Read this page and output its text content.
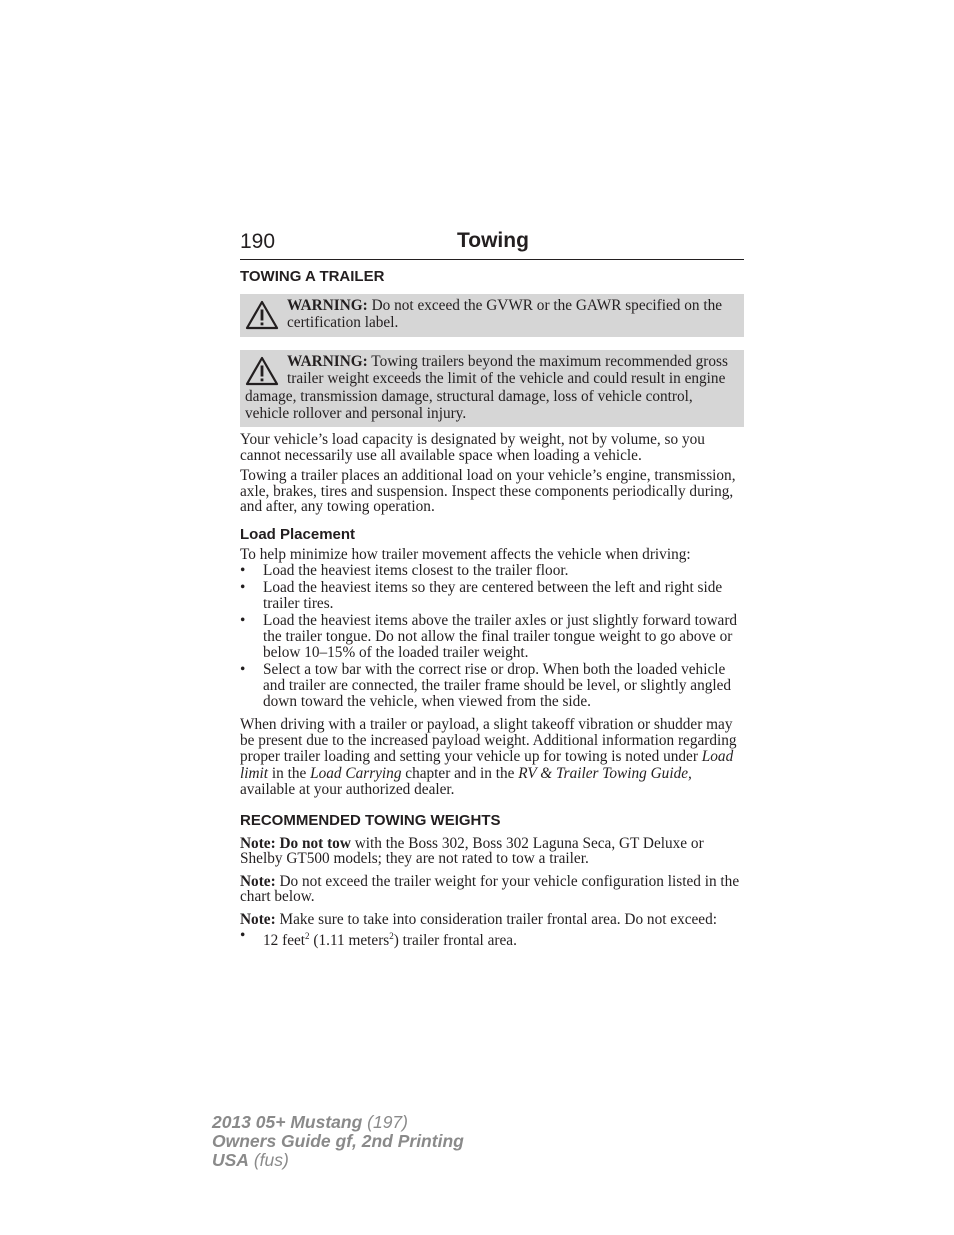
190	Towing
TOWING A TRAILER
WARNING: Do not exceed the GVWR or the GAWR specified on the certification label.
WARNING: Towing trailers beyond the maximum recommended gross trailer weight exceeds the limit of the vehicle and could result in engine damage, transmission damage, structural damage, loss of vehicle control, vehicle rollover and personal injury.

Your vehicle’s load capacity is designated by weight, not by volume, so you cannot necessarily use all available space when loading a vehicle.

Towing a trailer places an additional load on your vehicle’s engine, transmission, axle, brakes, tires and suspension. Inspect these components periodically during, and after, any towing operation.

Load Placement

To help minimize how trailer movement affects the vehicle when driving:

• Load the heaviest items closest to the trailer floor.
• Load the heaviest items so they are centered between the left and right side trailer tires.
• Load the heaviest items above the trailer axles or just slightly forward toward the trailer tongue. Do not allow the final trailer tongue weight to go above or below 10–15% of the loaded trailer weight.
• Select a tow bar with the correct rise or drop. When both the loaded vehicle and trailer are connected, the trailer frame should be level, or slightly angled down toward the vehicle, when viewed from the side.

When driving with a trailer or payload, a slight takeoff vibration or shudder may be present due to the increased payload weight. Additional information regarding proper trailer loading and setting your vehicle up for towing is noted under Load limit in the Load Carrying chapter and in the RV & Trailer Towing Guide, available at your authorized dealer.

RECOMMENDED TOWING WEIGHTS

Note: Do not tow with the Boss 302, Boss 302 Laguna Seca, GT Deluxe or Shelby GT500 models; they are not rated to tow a trailer.

Note: Do not exceed the trailer weight for your vehicle configuration listed in the chart below.

Note: Make sure to take into consideration trailer frontal area. Do not exceed:

• 12 feet$^2$ (1.11 meters$^2$) trailer frontal area.
2013 05+ Mustang (197)
Owners Guide gf, 2nd Printing
USA (fus)
